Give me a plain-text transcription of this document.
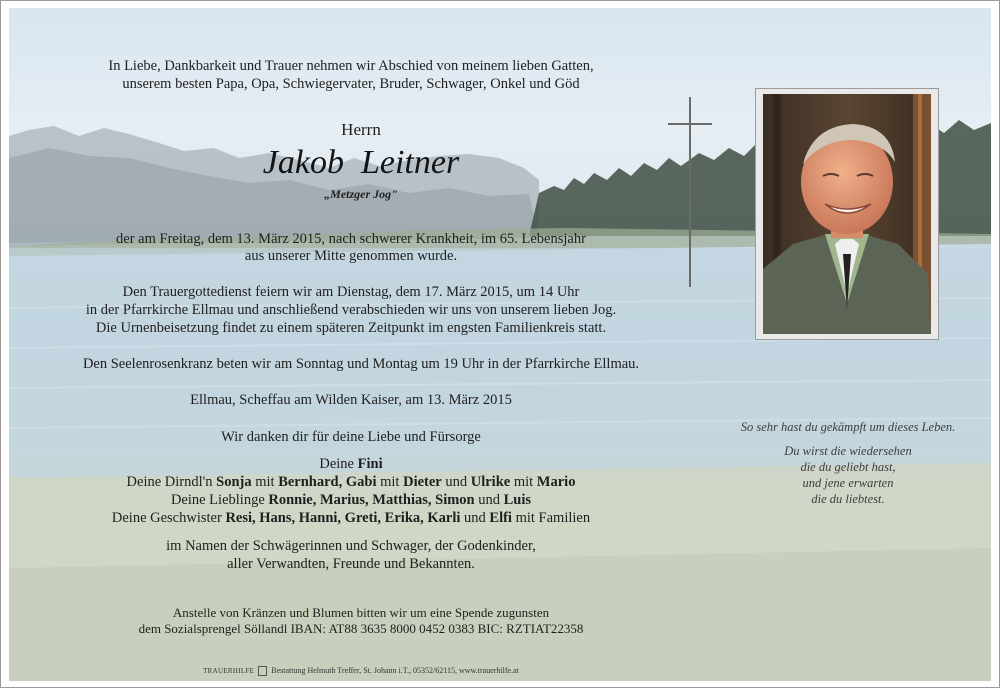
In Liebe, Dankbarkeit und Trauer nehmen wir Abschied von meinem lieben Gatten,
unserem besten Papa, Opa, Schwiegervater, Bruder, Schwager, Onkel und Göd
Herrn
Jakob  Leitner
„Metzger Jog"
der am Freitag, dem 13. März 2015, nach schwerer Krankheit, im 65. Lebensjahr
aus unserer Mitte genommen wurde.
Den Trauergottedienst feiern wir am Dienstag, dem 17. März 2015, um 14 Uhr
in der Pfarrkirche Ellmau und anschließend verabschieden wir uns von unserem lieben Jog.
Die Urnenbeisetzung findet zu einem späteren Zeitpunkt im engsten Familienkreis statt.
Den Seelenrosenkranz beten wir am Sonntag und Montag um 19 Uhr in der Pfarrkirche Ellmau.
Ellmau, Scheffau am Wilden Kaiser, am 13. März 2015
Wir danken dir für deine Liebe und Fürsorge
Deine Fini
Deine Dirndl'n Sonja mit Bernhard, Gabi mit Dieter und Ulrike mit Mario
Deine Lieblinge Ronnie, Marius, Matthias, Simon und Luis
Deine Geschwister Resi, Hans, Hanni, Greti, Erika, Karli und Elfi mit Familien
im Namen der Schwägerinnen und Schwager, der Godenkinder,
aller Verwandten, Freunde und Bekannten.
Anstelle von Kränzen und Blumen bitten wir um eine Spende zugunsten
dem Sozialsprengel Söllandl IBAN: AT88 3635 8000 0452 0383 BIC: RZTIAT22358
TRAUERHILFE Bestattung Helmuth Treffer, St. Johann i.T., 05352/62115, www.trauerhilfe.at
So sehr hast du gekämpft um dieses Leben.
Du wirst die wiedersehen
die du geliebt hast,
und jene erwarten
die du liebtest.
